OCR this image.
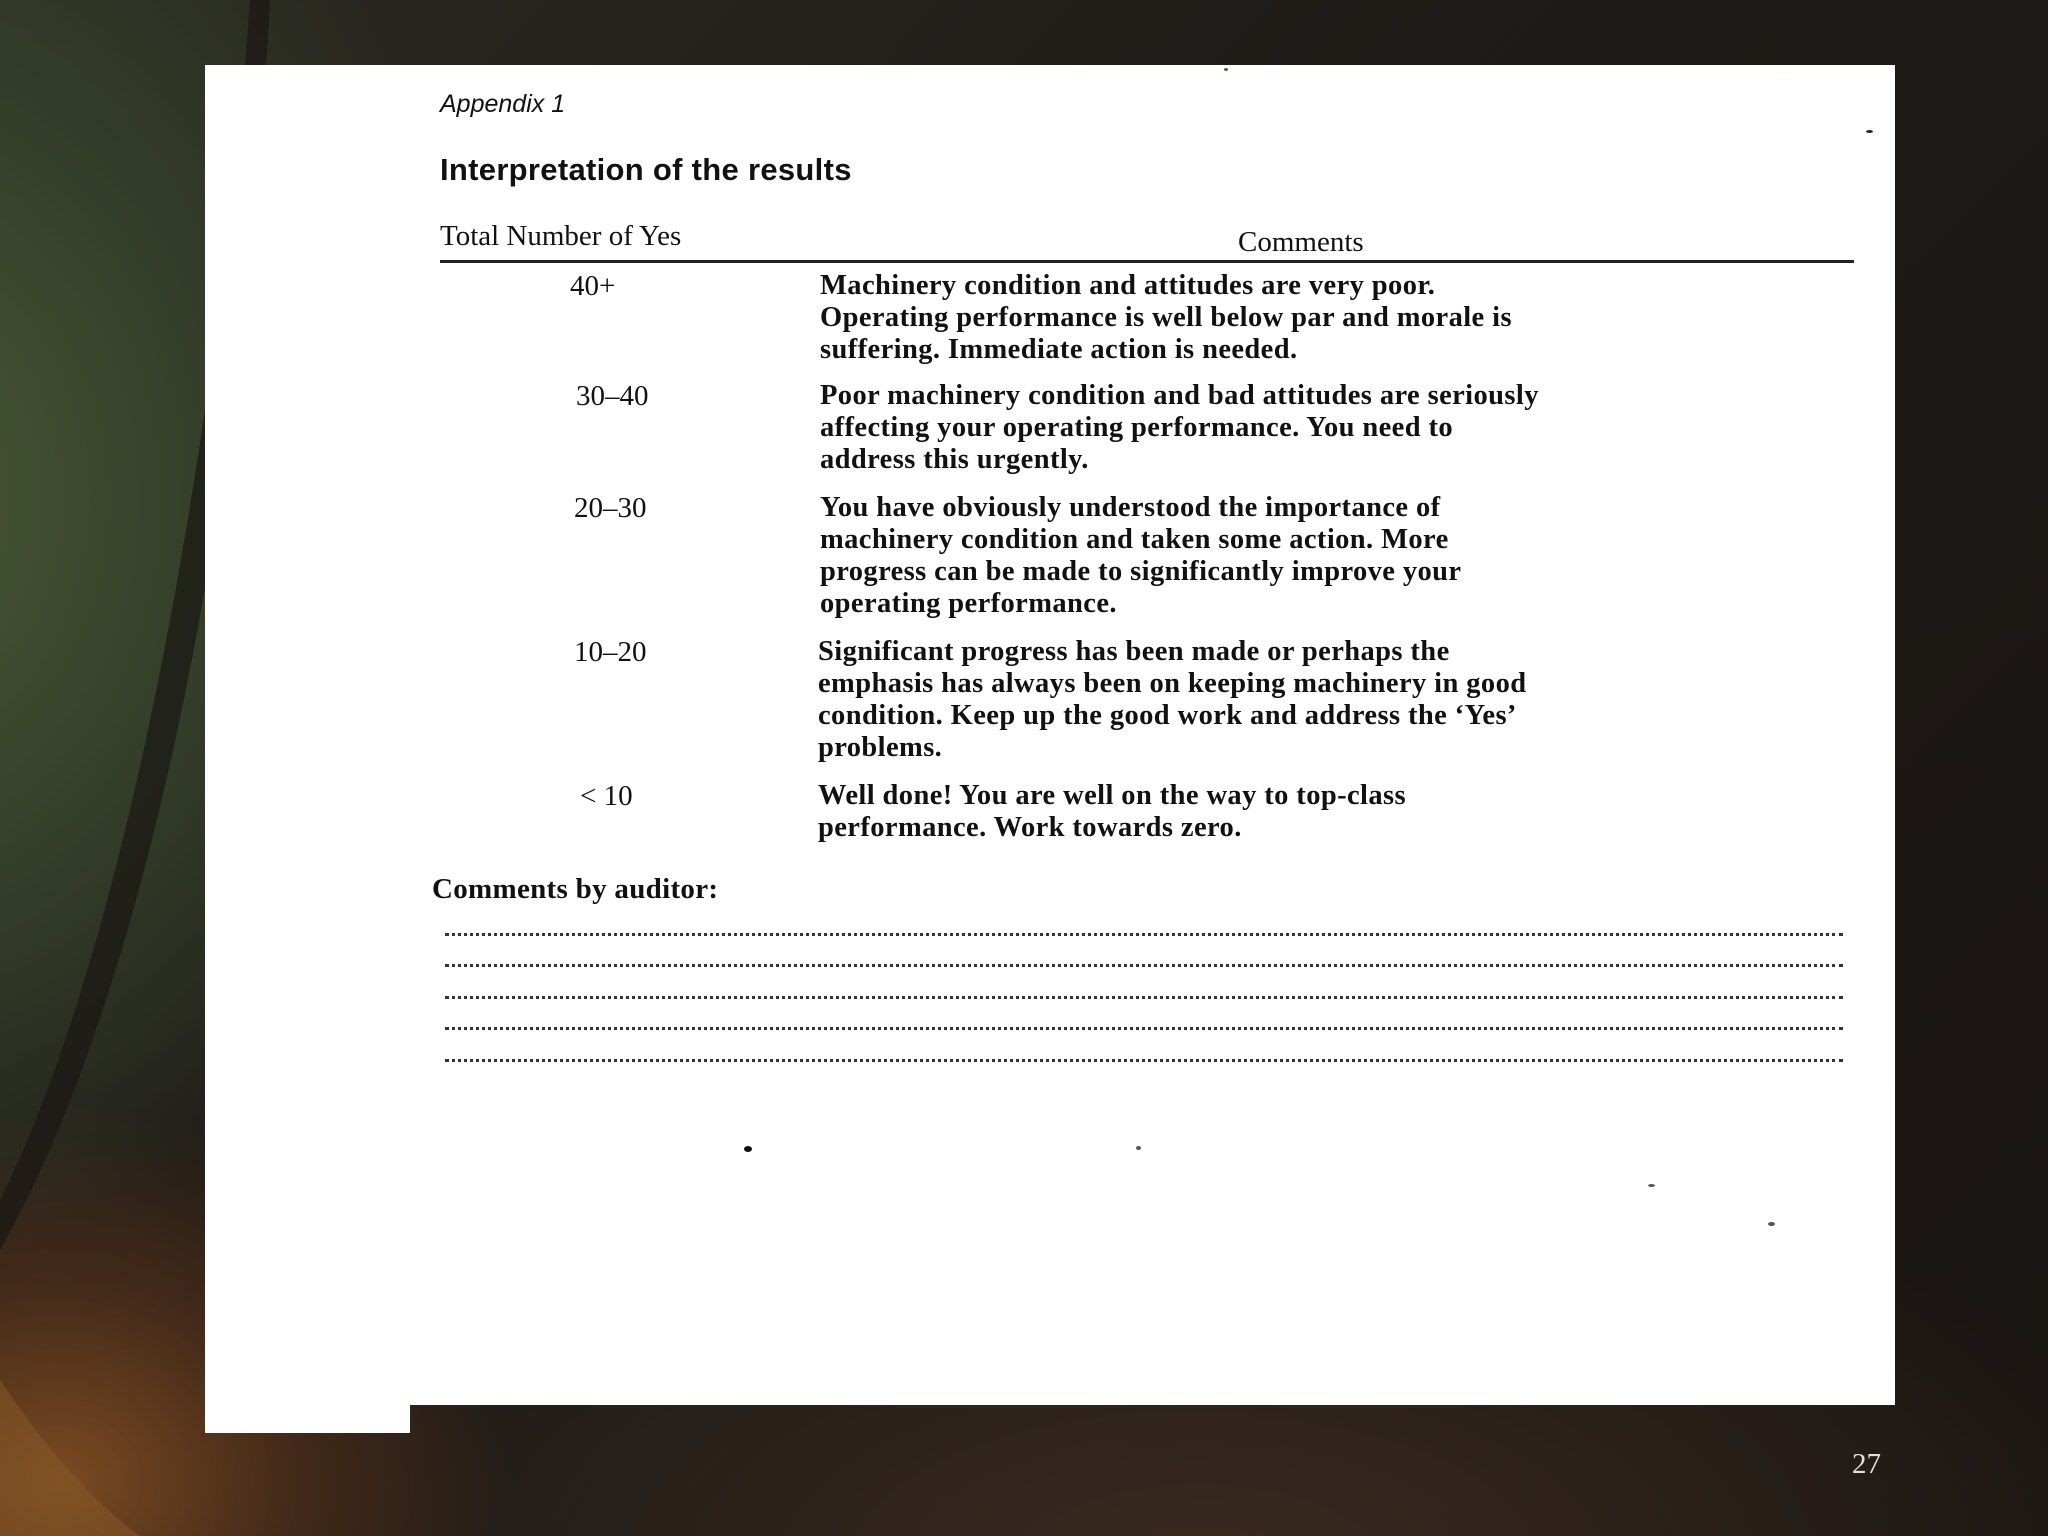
Appendix 1
Interpretation of the results
Total Number of Yes	Comments
40+	Machinery condition and attitudes are very poor.
Operating performance is well below par and morale is
suffering. Immediate action is needed.
30–40	Poor machinery condition and bad attitudes are seriously
affecting your operating performance. You need to
address this urgently.
20–30	You have obviously understood the importance of
machinery condition and taken some action. More
progress can be made to significantly improve your
operating performance.
10–20	Significant progress has been made or perhaps the
emphasis has always been on keeping machinery in good
condition. Keep up the good work and address the ‘Yes’
problems.
< 10	Well done! You are well on the way to top-class
performance. Work towards zero.
Comments by auditor:
27
